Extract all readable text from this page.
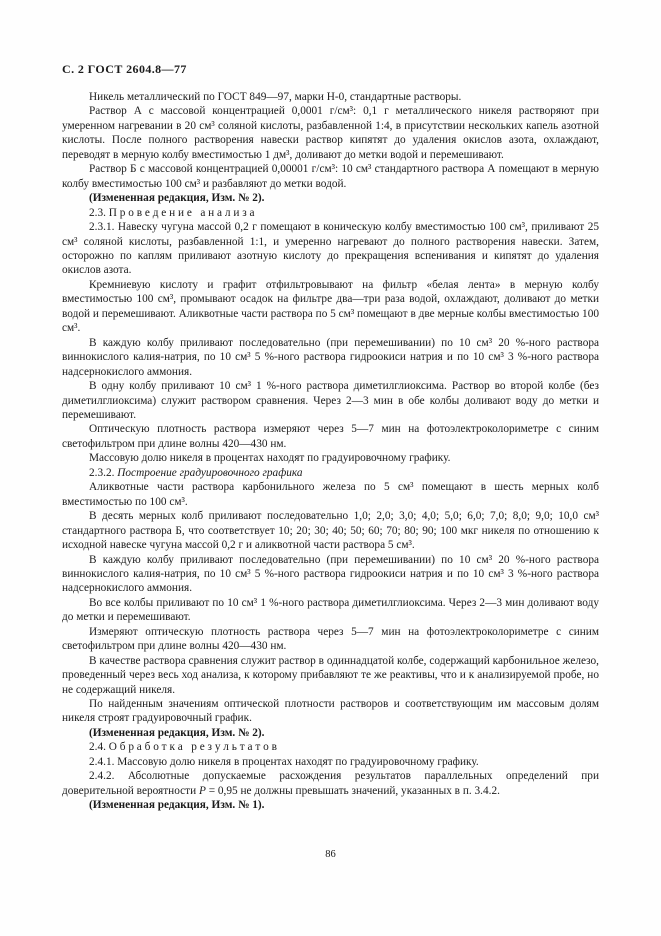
С. 2 ГОСТ 2604.8—77

Никель металлический по ГОСТ 849—97, марки Н-0, стандартные растворы.

Раствор А с массовой концентрацией 0,0001 г/см³: 0,1 г металлического никеля растворяют при умеренном нагревании в 20 см³ соляной кислоты, разбавленной 1:4, в присутствии нескольких капель азотной кислоты. После полного растворения навески раствор кипятят до удаления окислов азота, охлаждают, переводят в мерную колбу вместимостью 1 дм³, доливают до метки водой и перемешивают.

Раствор Б с массовой концентрацией 0,00001 г/см³: 10 см³ стандартного раствора А помещают в мерную колбу вместимостью 100 см³ и разбавляют до метки водой.

(Измененная редакция, Изм. № 2).

2.3. П р о в е д е н и е   а н а л и з а

2.3.1. Навеску чугуна массой 0,2 г помещают в коническую колбу вместимостью 100 см³, приливают 25 см³ соляной кислоты, разбавленной 1:1, и умеренно нагревают до полного растворения навески. Затем, осторожно по каплям приливают азотную кислоту до прекращения вспенивания и кипятят до удаления окислов азота.

Кремниевую кислоту и графит отфильтровывают на фильтр «белая лента» в мерную колбу вместимостью 100 см³, промывают осадок на фильтре два—три раза водой, охлаждают, доливают до метки водой и перемешивают. Аликвотные части раствора по 5 см³ помещают в две мерные колбы вместимостью 100 см³.

В каждую колбу приливают последовательно (при перемешивании) по 10 см³ 20 %-ного раствора виннокислого калия-натрия, по 10 см³ 5 %-ного раствора гидроокиси натрия и по 10 см³ 3 %-ного раствора надсернокислого аммония.

В одну колбу приливают 10 см³ 1 %-ного раствора диметилглиоксима. Раствор во второй колбе (без диметилглиоксима) служит раствором сравнения. Через 2—3 мин в обе колбы доливают воду до метки и перемешивают.

Оптическую плотность раствора измеряют через 5—7 мин на фотоэлектроколориметре с синим светофильтром при длине волны 420—430 нм.

Массовую долю никеля в процентах находят по градуировочному графику.

2.3.2. Построение градуировочного графика

Аликвотные части раствора карбонильного железа по 5 см³ помещают в шесть мерных колб вместимостью по 100 см³.

В десять мерных колб приливают последовательно 1,0; 2,0; 3,0; 4,0; 5,0; 6,0; 7,0; 8,0; 9,0; 10,0 см³ стандартного раствора Б, что соответствует 10; 20; 30; 40; 50; 60; 70; 80; 90; 100 мкг никеля по отношению к исходной навеске чугуна массой 0,2 г и аликвотной части раствора 5 см³.

В каждую колбу приливают последовательно (при перемешивании) по 10 см³ 20 %-ного раствора виннокислого калия-натрия, по 10 см³ 5 %-ного раствора гидроокиси натрия и по 10 см³ 3 %-ного раствора надсернокислого аммония.

Во все колбы приливают по 10 см³ 1 %-ного раствора диметилглиоксима. Через 2—3 мин доливают воду до метки и перемешивают.

Измеряют оптическую плотность раствора через 5—7 мин на фотоэлектроколориметре с синим светофильтром при длине волны 420—430 нм.

В качестве раствора сравнения служит раствор в одиннадцатой колбе, содержащий карбонильное железо, проведенный через весь ход анализа, к которому прибавляют те же реактивы, что и к анализируемой пробе, но не содержащий никеля.

По найденным значениям оптической плотности растворов и соответствующим им массовым долям никеля строят градуировочный график.

(Измененная редакция, Изм. № 2).

2.4. О б р а б о т к а   р е з у л ь т а т о в

2.4.1. Массовую долю никеля в процентах находят по градуировочному графику.

2.4.2. Абсолютные допускаемые расхождения результатов параллельных определений при доверительной вероятности Р = 0,95 не должны превышать значений, указанных в п. 3.4.2.

(Измененная редакция, Изм. № 1).

86
